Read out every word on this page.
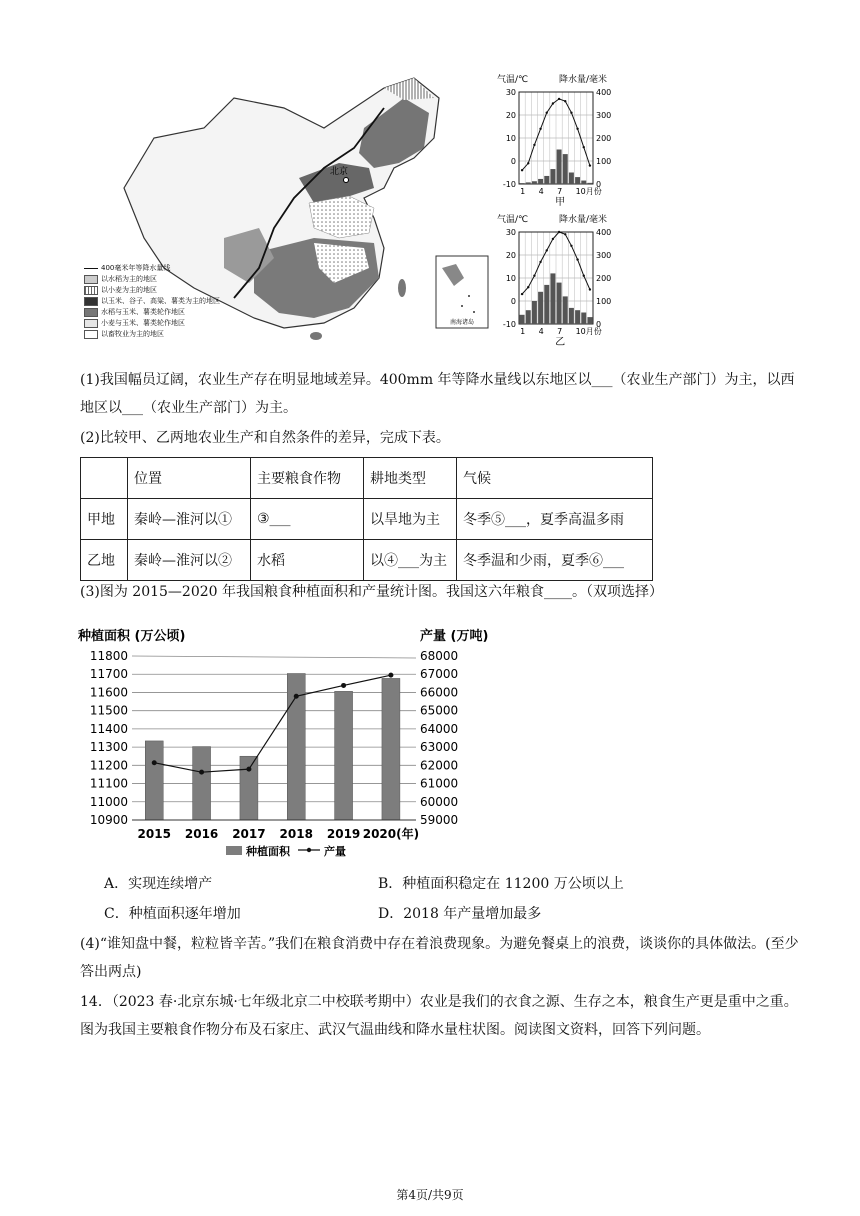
北京
南海诸岛
400毫米年等降水量线
以水稻为主的地区
以小麦为主的地区
以玉米、谷子、高粱、薯类为主的地区
水稻与玉米、薯类轮作地区
小麦与玉米、薯类轮作地区
以畜牧业为主的地区
气温/℃	降水量/毫米
30	400
20	300
10	200
0	100
-10	0
1 4 7 10月份
甲
气温/℃	降水量/毫米
30	400
20	300
10	200
0	100
-10	0
1 4 7 10月份
乙
(1)我国幅员辽阔，农业生产存在明显地域差异。400mm 年等降水量线以东地区以___（农业生产部门）为主，以西地区以___（农业生产部门）为主。
(2)比较甲、乙两地农业生产和自然条件的差异，完成下表。
	位置	主要粮食作物	耕地类型	气候
甲地	秦岭—淮河以①	③___	以旱地为主	冬季⑤___，夏季高温多雨
乙地	秦岭—淮河以②	水稻	以④___为主	冬季温和少雨，夏季⑥___
(3)图为 2015—2020 年我国粮食种植面积和产量统计图。我国这六年粮食____。（双项选择）
种植面积 (万公顷)	产量 (万吨)
11800
11700
11600
11500
11400
11300
11200
11100
11000
10900
68000
67000
66000
65000
64000
63000
62000
61000
60000
59000
2015 2016 2017 2018 2019 2020(年)
种植面积	产量
A．实现连续增产	B．种植面积稳定在 11200 万公顷以上
C．种植面积逐年增加	D．2018 年产量增加最多
(4)“谁知盘中餐，粒粒皆辛苦。”我们在粮食消费中存在着浪费现象。为避免餐桌上的浪费，谈谈你的具体做法。(至少答出两点)
14．（2023 春·北京东城·七年级北京二中校联考期中）农业是我们的衣食之源、生存之本，粮食生产更是重中之重。图为我国主要粮食作物分布及石家庄、武汉气温曲线和降水量柱状图。阅读图文资料，回答下列问题。
第4页/共9页
